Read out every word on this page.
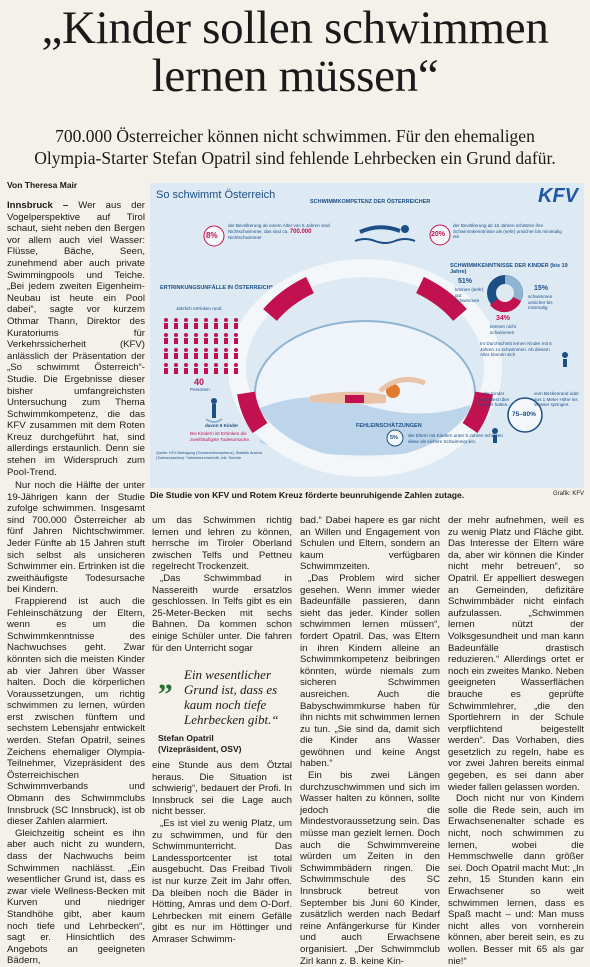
„Kinder sollen schwimmen
lernen müssen“
700.000 Österreicher können nicht schwimmen. Für den ehemaligen
Olympia-Starter Stefan Opatril sind fehlende Lehrbecken ein Grund dafür.
Von Theresa Mair

Innsbruck – Wer aus der Vogelperspektive auf Tirol schaut, sieht neben den Bergen vor allem auch viel Wasser: Flüsse, Bäche, Seen, zunehmend aber auch private Swimmingpools und Teiche. „Bei jedem zweiten Eigenheim-Neubau ist heute ein Pool dabei“, sagte vor kurzem Othmar Thann, Direktor des Kuratoriums für Verkehrssicherheit (KFV) anlässlich der Präsentation der „So schwimmt Österreich“-Studie. Die Ergebnisse dieser bisher umfangreichsten Untersuchung zum Thema Schwimmkompetenz, die das KFV zusammen mit dem Roten Kreuz durchgeführt hat, sind allerdings erstaunlich. Denn sie stehen im Widerspruch zum Pool-Trend.

Nur noch die Hälfte der unter 19-Jährigen kann der Studie zufolge schwimmen. Insgesamt sind 700.000 Österreicher ab fünf Jahren Nichtschwimmer. Jeder Fünfte ab 15 Jahren stuft sich selbst als unsicheren Schwimmer ein. Ertrinken ist die zweithäufigste Todesursache bei Kindern.

Frappierend ist auch die Fehleinschätzung der Eltern, wenn es um die Schwimmkenntnisse des Nachwuchses geht. Zwar könnten sich die meisten Kinder ab vier Jahren über Wasser halten. Doch die körperlichen Voraussetzungen, um richtig schwimmen zu lernen, würden erst zwischen fünftem und sechstem Lebensjahr entwickelt werden. Stefan Opatril, seines Zeichens ehemaliger Olympia-Teilnehmer, Vizepräsident des Österreichischen Schwimmverbands und Obmann des Schwimmclubs Innsbruck (SC Innsbruck), ist ob dieser Zahlen alarmiert.

Gleichzeitig scheint es ihn aber auch nicht zu wundern, dass der Nachwuchs beim Schwimmen nachlässt. „Ein wesentlicher Grund ist, dass es zwar viele Wellness-Becken mit Kurven und niedriger Standhöhe gibt, aber kaum noch tiefe und Lehrbecken“, sagt er. Hinsichtlich des Angebots an geeigneten Bädern,

um das Schwimmen richtig lernen und lehren zu können, herrsche im Tiroler Oberland zwischen Telfs und Pettneu regelrecht Trockenzeit.

„Das Schwimmbad in Nassereith wurde ersatzlos geschlossen. In Telfs gibt es ein 25-Meter-Becken mit sechs Bahnen. Da kommen schon einige Schüler unter. Die fahren für den Unterricht sogar

„ Ein wesentlicher Grund ist, dass es kaum noch tiefe Lehrbecken gibt.“
Stefan Opatril
(Vizepräsident, OSV)

eine Stunde aus dem Ötztal heraus. Die Situation ist schwierig“, bedauert der Profi. In Innsbruck sei die Lage auch nicht besser.

„Es ist viel zu wenig Platz, um zu schwimmen, und für den Schwimmunterricht. Das Landessportcenter ist total ausgebucht. Das Freibad Tivoli ist nur kurze Zeit im Jahr offen. Da bleiben noch die Bäder in Hötting, Amras und dem O-Dorf. Lehrbecken mit einem Gefälle gibt es nur im Höttinger und Amraser Schwimm-

bad.“ Dabei hapere es gar nicht an Willen und Engagement von Schulen und Eltern, sondern an kaum verfügbaren Schwimmzeiten.

„Das Problem wird sicher gesehen. Wenn immer wieder Badeunfälle passieren, dann sieht das jeder. Kinder sollen schwimmen lernen müssen“, fordert Opatril. Das, was Eltern in ihren Kindern alleine an Schwimmkompetenz beibringen könnten, würde niemals zum sicheren Schwimmen ausreichen. Auch die Babyschwimmkurse haben für ihn nichts mit schwimmen lernen zu tun. „Sie sind da, damit sich die Kinder ans Wasser gewöhnen und keine Angst haben.“

Ein bis zwei Längen durchzuschwimmen und sich im Wasser halten zu können, sollte jedoch die Mindestvoraussetzung sein. Das müsse man gezielt lernen. Doch auch die Schwimmvereine würden um Zeiten in den Schwimmbädern ringen. Die Schwimmschule des SC Innsbruck betreut von September bis Juni 60 Kinder, zusätzlich werden nach Bedarf reine Anfängerkurse für Kinder und auch Erwachsene organisiert. „Der Schwimmclub Zirl kann z. B. keine Kin-

der mehr aufnehmen, weil es zu wenig Platz und Fläche gibt. Das Interesse der Eltern wäre da, aber wir können die Kinder nicht mehr betreuen“, so Opatril. Er appelliert deswegen an Gemeinden, defizitäre Schwimmbäder nicht einfach aufzulassen. „Schwimmen lernen nützt der Volksgesundheit und man kann Badeunfälle drastisch reduzieren.“ Allerdings ortet er noch ein zweites Manko. Neben geeigneten Wasserflächen brauche es geprüfte Schwimmlehrer, „die den Sportlehrern in der Schule verpflichtend beigestellt werden“. Das Vorhaben, dies gesetzlich zu regeln, habe es vor zwei Jahren bereits einmal gegeben, es sei dann aber wieder fallen gelassen worden.

Doch nicht nur von Kindern solle die Rede sein, auch im Erwachsenenalter schade es nicht, noch schwimmen zu lernen, wobei die Hemmschwelle dann größer sei. Doch Opatril macht Mut: „In zehn, 15 Stunden kann ein Erwachsener so weit schwimmen lernen, dass es Spaß macht – und: Man muss nicht alles von vornherein können, aber bereit sein, es zu wollen. Besser mit 65 als gar nie!“

So schwimmt Österreich	KFV
SCHWIMMKOMPETENZ DER ÖSTERREICHER
8%
der Bevölkerung ab einem Alter von 5 Jahren sind Nichtschwimmer, das sind ca. 700.000 Nichtschwimmer	20%
der Bevölkerung ab 15 Jahren schätzen ihre Schwimmkenntnisse als (sehr) unsicher bis minimalig ein
SCHWIMMKENNTNISSE DER KINDER (bis 19 Jahre)
51%
können (sehr) gut schwimmen
15%
schwimmen unsicher bis minimalig
34%
können nicht schwimmen
Im Durchschnitt lernen Kinder mit 5 Jahren zu schwimmen. Ab diesem Alter können sich
ERTRINKUNGSUNFÄLLE IN ÖSTERREICH*
Jährlich ertrinken rund
40
Personen
davon 5 Kinder
Bei Kindern ist Ertrinken die zweithäufigste Todesursache.
Quelle: KFV-Befragung (Schwimmkompetenz), Statistik Austria (Todesursachen) *Jahresdurchschnitt, inkl. Suizide
FEHLEINSCHÄTZUNGEN
5% der Eltern mit Kindern unter 5 Jahren schätzen diese als sichere Schwimmer ein.
75–80%
... der Kinder zumindest über Wasser halten.
vom Beckenrand oder aus 1 Meter Höhe ins Wasser springen.
Die Studie von KFV und Rotem Kreuz förderte beunruhigende Zahlen zutage.	Grafik: KFV
